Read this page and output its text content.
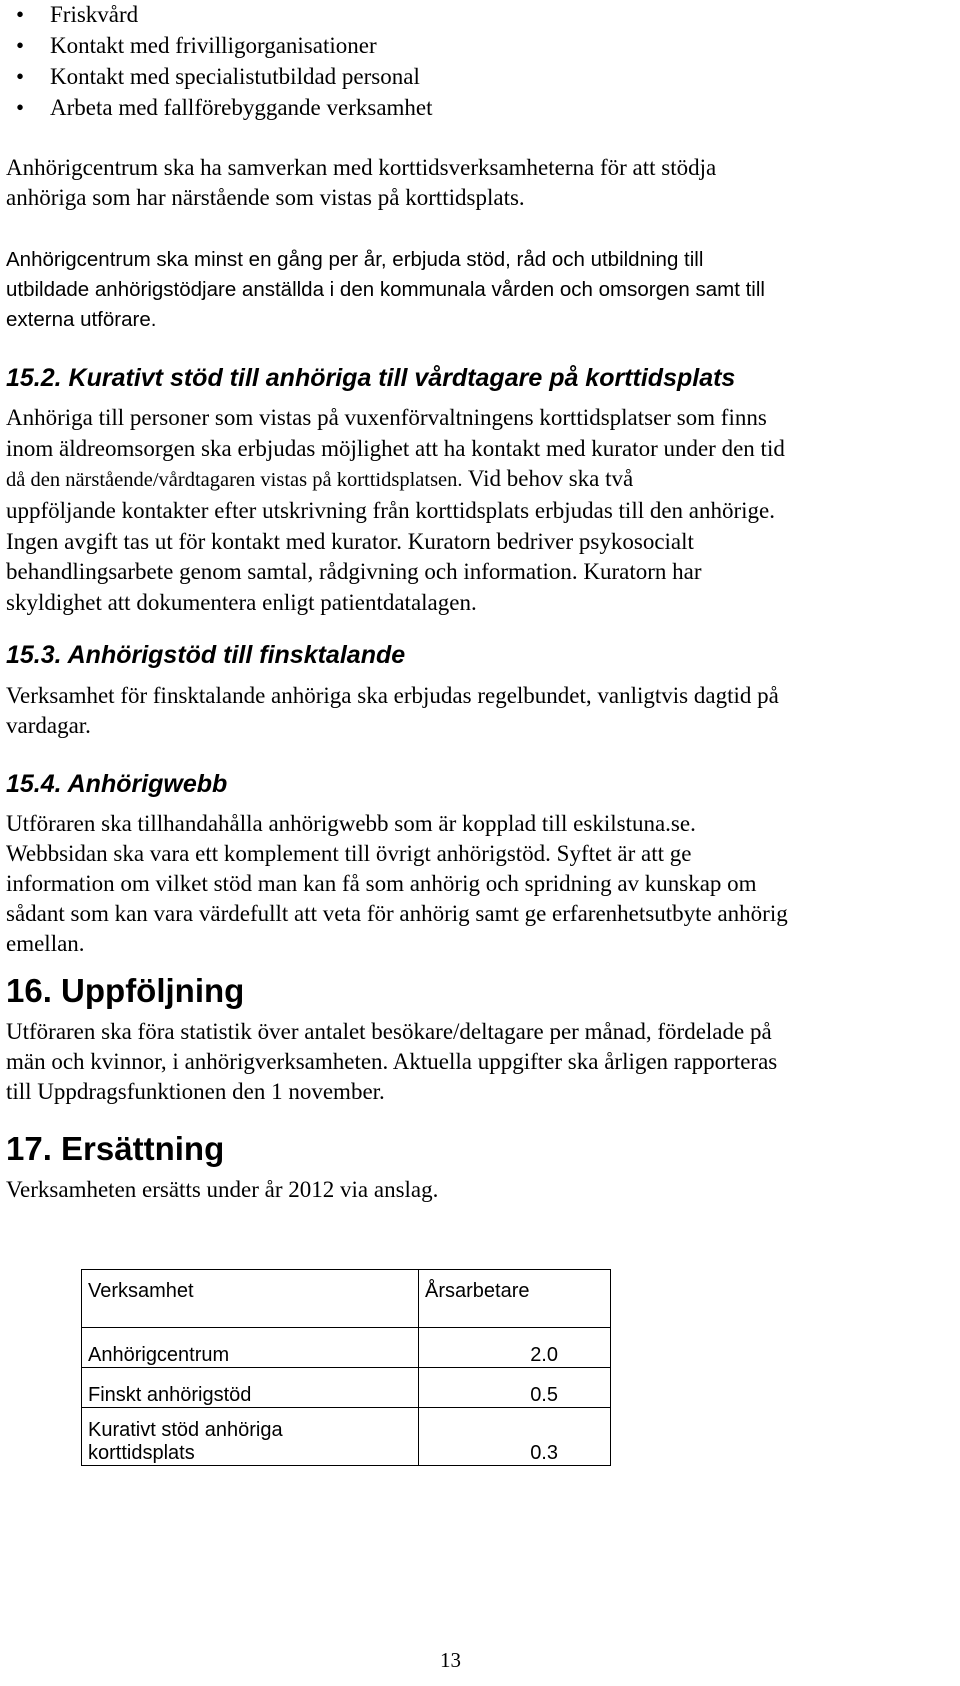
• Friskvård
• Kontakt med frivilligorganisationer
• Kontakt med specialistutbildad personal
• Arbeta med fallförebyggande verksamhet
Anhörigcentrum ska ha samverkan med korttidsverksamheterna för att stödja
anhöriga som har närstående som vistas på korttidsplats.
Anhörigcentrum ska minst en gång per år, erbjuda stöd, råd och utbildning till
utbildade anhörigstödjare anställda i den kommunala vården och omsorgen samt till
externa utförare.
15.2. Kurativt stöd till anhöriga till vårdtagare på korttidsplats
Anhöriga till personer som vistas på vuxenförvaltningens korttidsplatser som finns
inom äldreomsorgen ska erbjudas möjlighet att ha kontakt med kurator under den tid
då den närstående/vårdtagaren vistas på korttidsplatsen. Vid behov ska två
uppföljande kontakter efter utskrivning från korttidsplats erbjudas till den anhörige.
Ingen avgift tas ut för kontakt med kurator. Kuratorn bedriver psykosocialt
behandlingsarbete genom samtal, rådgivning och information. Kuratorn har
skyldighet att dokumentera enligt patientdatalagen.
15.3. Anhörigstöd till finsktalande
Verksamhet för finsktalande anhöriga ska erbjudas regelbundet, vanligtvis dagtid på
vardagar.
15.4. Anhörigwebb
Utföraren ska tillhandahålla anhörigwebb som är kopplad till eskilstuna.se.
Webbsidan ska vara ett komplement till övrigt anhörigstöd. Syftet är att ge
information om vilket stöd man kan få som anhörig och spridning av kunskap om
sådant som kan vara värdefullt att veta för anhörig samt ge erfarenhetsutbyte anhörig
emellan.
16. Uppföljning
Utföraren ska föra statistik över antalet besökare/deltagare per månad, fördelade på
män och kvinnor, i anhörigverksamheten. Aktuella uppgifter ska årligen rapporteras
till Uppdragsfunktionen den 1 november.
17. Ersättning
Verksamheten ersätts under år 2012 via anslag.
Verksamhet	Årsarbetare
Anhörigcentrum	2.0
Finskt anhörigstöd	0.5

Kurativt stöd anhöriga
korttidsplats	0.3
13
